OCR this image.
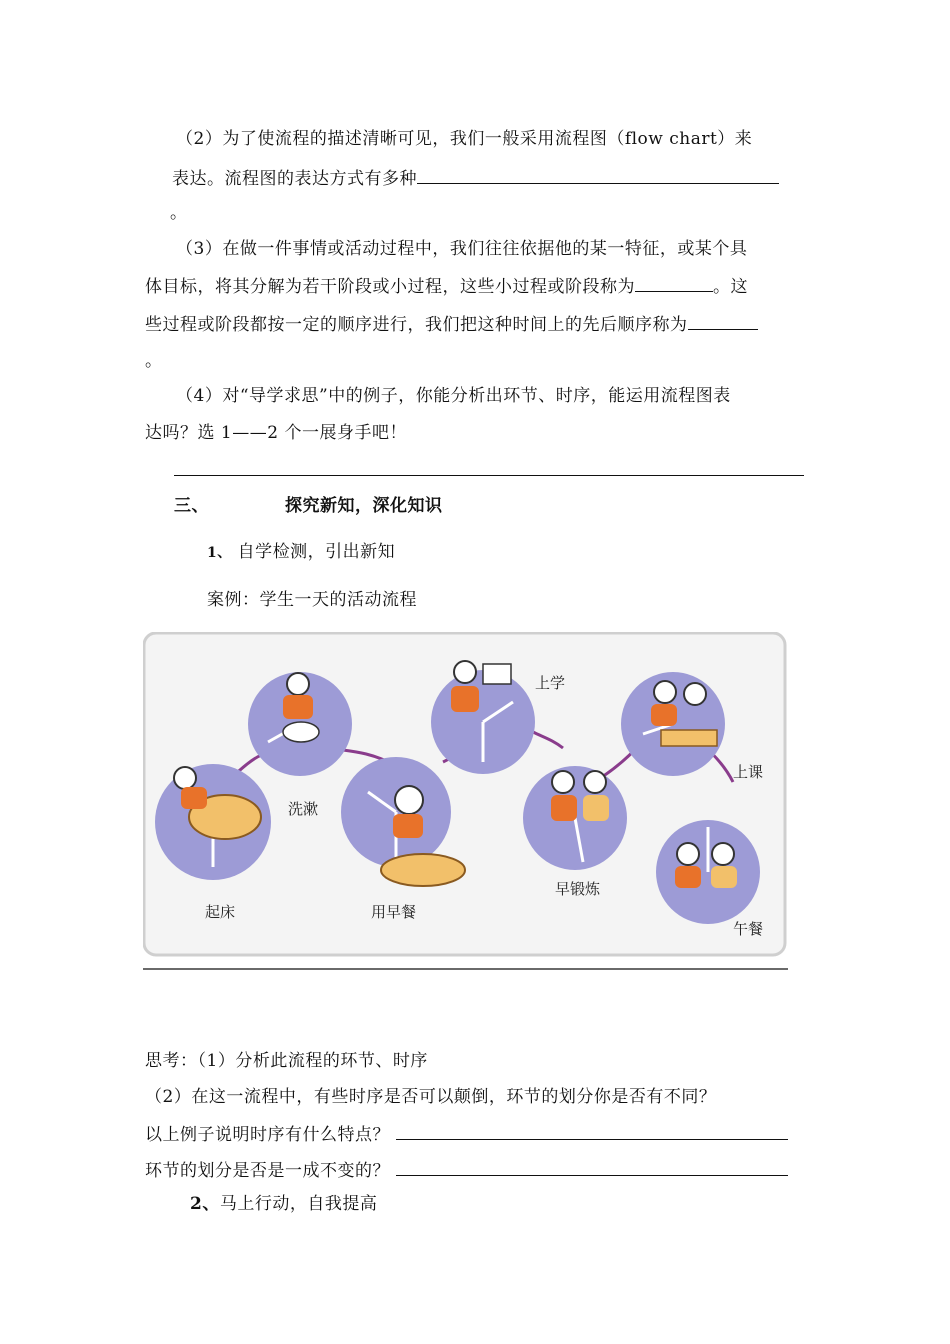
（2）为了使流程的描述清晰可见，我们一般采用流程图（flow chart）来
表达。流程图的表达方式有多种
。
（3）在做一件事情或活动过程中，我们往往依据他的某一特征，或某个具
体目标，将其分解为若干阶段或小过程，这些小过程或阶段称为	。这
些过程或阶段都按一定的顺序进行，我们把这种时间上的先后顺序称为
。
（4）对“导学求思”中的例子，你能分析出环节、时序，能运用流程图表
达吗？选 1——2 个一展身手吧！
三、	探究新知，深化知识
1、 自学检测，引出新知
案例：学生一天的活动流程
起床
洗漱
用早餐
上学
早锻炼
上课
午餐
思考：（1）分析此流程的环节、时序
（2）在这一流程中，有些时序是否可以颠倒，环节的划分你是否有不同？
以上例子说明时序有什么特点？
环节的划分是否是一成不变的？
2、马上行动，自我提高
